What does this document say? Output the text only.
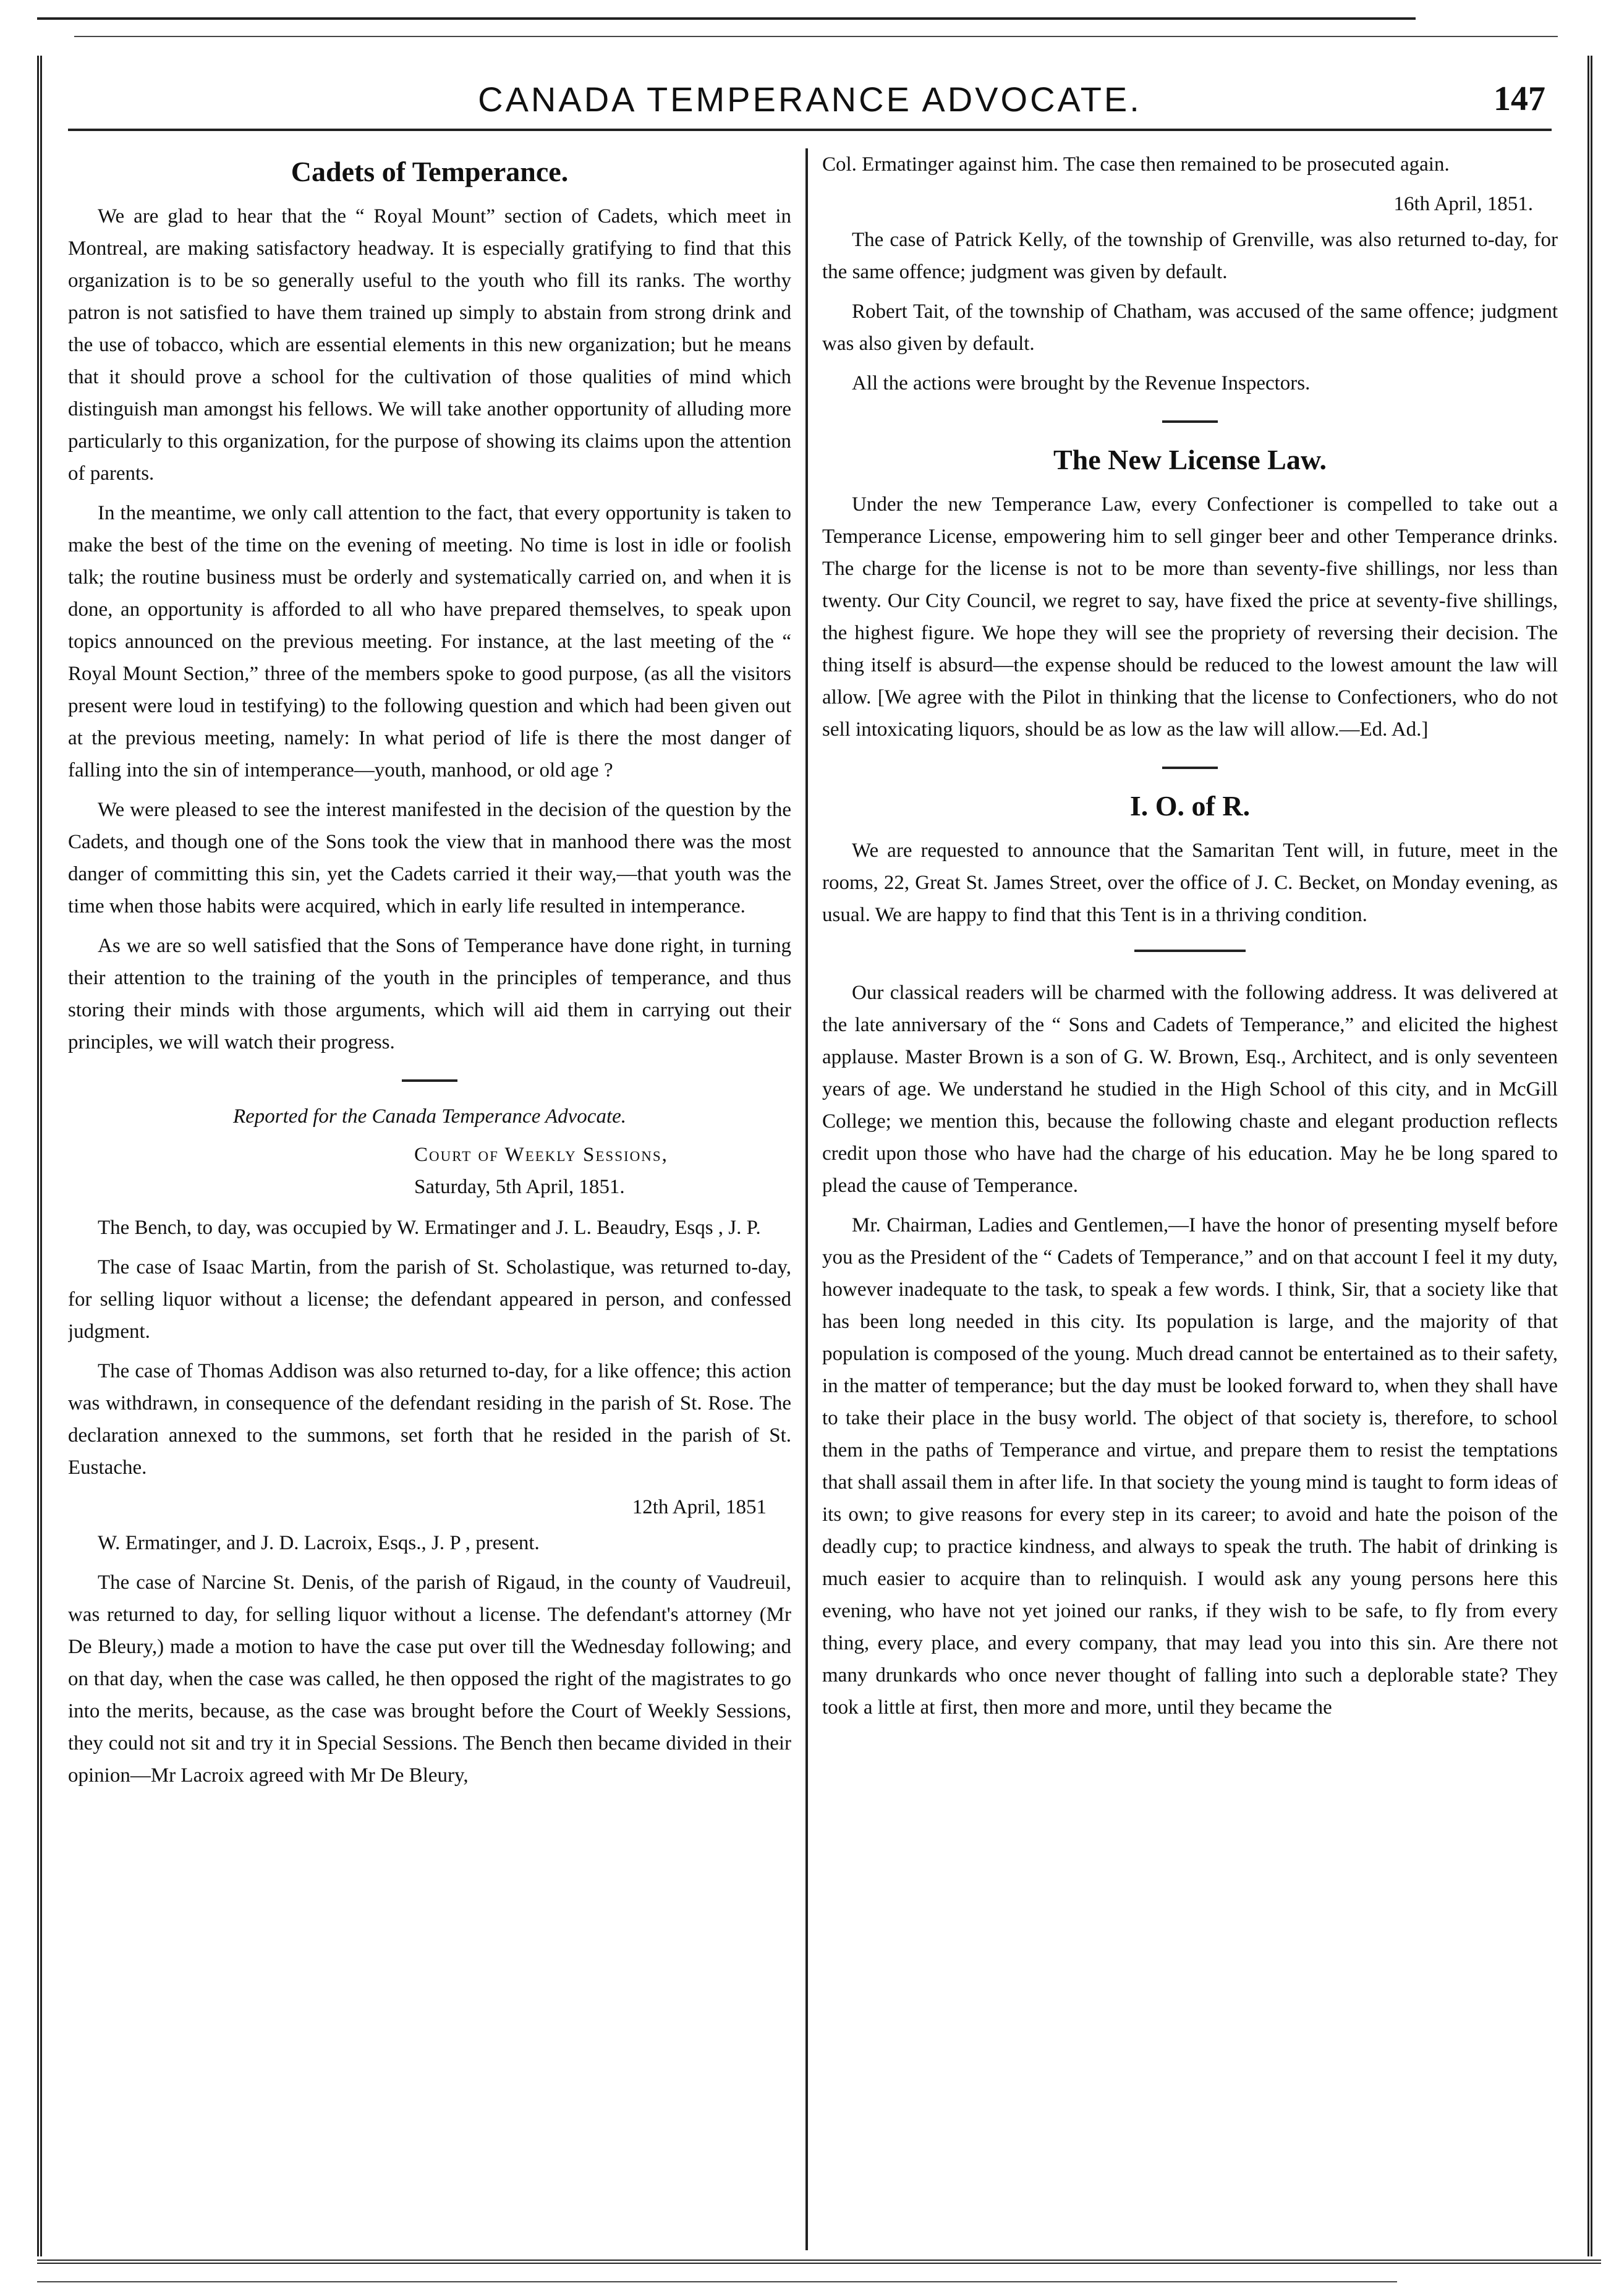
CANADA TEMPERANCE ADVOCATE.	147
Cadets of Temperance.

We are glad to hear that the “ Royal Mount” section of Cadets, which meet in Montreal, are making satisfactory headway. It is especially gratifying to find that this organization is to be so generally useful to the youth who fill its ranks. The worthy patron is not satisfied to have them trained up simply to abstain from strong drink and the use of tobacco, which are essential elements in this new organization; but he means that it should prove a school for the cultivation of those qualities of mind which distinguish man amongst his fellows. We will take another opportunity of alluding more particularly to this organization, for the purpose of showing its claims upon the attention of parents.

In the meantime, we only call attention to the fact, that every opportunity is taken to make the best of the time on the evening of meeting. No time is lost in idle or foolish talk; the routine business must be orderly and systematically carried on, and when it is done, an opportunity is afforded to all who have prepared themselves, to speak upon topics announced on the previous meeting. For instance, at the last meeting of the “ Royal Mount Section,” three of the members spoke to good purpose, (as all the visitors present were loud in testifying) to the following question and which had been given out at the previous meeting, namely: In what period of life is there the most danger of falling into the sin of intemperance—youth, manhood, or old age ?

We were pleased to see the interest manifested in the decision of the question by the Cadets, and though one of the Sons took the view that in manhood there was the most danger of committing this sin, yet the Cadets carried it their way,—that youth was the time when those habits were acquired, which in early life resulted in intemperance.

As we are so well satisfied that the Sons of Temperance have done right, in turning their attention to the training of the youth in the principles of temperance, and thus storing their minds with those arguments, which will aid them in carrying out their principles, we will watch their progress.

Reported for the Canada Temperance Advocate.

Court of Weekly Sessions,
Saturday, 5th April, 1851.

The Bench, to day, was occupied by W. Ermatinger and J. L. Beaudry, Esqs , J. P.

The case of Isaac Martin, from the parish of St. Scholastique, was returned to-day, for selling liquor without a license; the defendant appeared in person, and confessed judgment.

The case of Thomas Addison was also returned to-day, for a like offence; this action was withdrawn, in consequence of the defendant residing in the parish of St. Rose. The declaration annexed to the summons, set forth that he resided in the parish of St. Eustache.

12th April, 1851

W. Ermatinger, and J. D. Lacroix, Esqs., J. P , present.

The case of Narcine St. Denis, of the parish of Rigaud, in the county of Vaudreuil, was returned to day, for selling liquor without a license. The defendant's attorney (Mr De Bleury,) made a motion to have the case put over till the Wednesday following; and on that day, when the case was called, he then opposed the right of the magistrates to go into the merits, because, as the case was brought before the Court of Weekly Sessions, they could not sit and try it in Special Sessions. The Bench then became divided in their opinion—Mr Lacroix agreed with Mr De Bleury,

Col. Ermatinger against him. The case then remained to be prosecuted again.

16th April, 1851.

The case of Patrick Kelly, of the township of Grenville, was also returned to-day, for the same offence; judgment was given by default.

Robert Tait, of the township of Chatham, was accused of the same offence; judgment was also given by default.

All the actions were brought by the Revenue Inspectors.

The New License Law.

Under the new Temperance Law, every Confectioner is compelled to take out a Temperance License, empowering him to sell ginger beer and other Temperance drinks. The charge for the license is not to be more than seventy-five shillings, nor less than twenty. Our City Council, we regret to say, have fixed the price at seventy-five shillings, the highest figure. We hope they will see the propriety of reversing their decision. The thing itself is absurd—the expense should be reduced to the lowest amount the law will allow. [We agree with the Pilot in thinking that the license to Confectioners, who do not sell intoxicating liquors, should be as low as the law will allow.—Ed. Ad.]

I. O. of R.

We are requested to announce that the Samaritan Tent will, in future, meet in the rooms, 22, Great St. James Street, over the office of J. C. Becket, on Monday evening, as usual. We are happy to find that this Tent is in a thriving condition.

Our classical readers will be charmed with the following address. It was delivered at the late anniversary of the “ Sons and Cadets of Temperance,” and elicited the highest applause. Master Brown is a son of G. W. Brown, Esq., Architect, and is only seventeen years of age. We understand he studied in the High School of this city, and in McGill College; we mention this, because the following chaste and elegant production reflects credit upon those who have had the charge of his education. May he be long spared to plead the cause of Temperance.

Mr. Chairman, Ladies and Gentlemen,—I have the honor of presenting myself before you as the President of the “ Cadets of Temperance,” and on that account I feel it my duty, however inadequate to the task, to speak a few words. I think, Sir, that a society like that has been long needed in this city. Its population is large, and the majority of that population is composed of the young. Much dread cannot be entertained as to their safety, in the matter of temperance; but the day must be looked forward to, when they shall have to take their place in the busy world. The object of that society is, therefore, to school them in the paths of Temperance and virtue, and prepare them to resist the temptations that shall assail them in after life. In that society the young mind is taught to form ideas of its own; to give reasons for every step in its career; to avoid and hate the poison of the deadly cup; to practice kindness, and always to speak the truth. The habit of drinking is much easier to acquire than to relinquish. I would ask any young persons here this evening, who have not yet joined our ranks, if they wish to be safe, to fly from every thing, every place, and every company, that may lead you into this sin. Are there not many drunkards who once never thought of falling into such a deplorable state? They took a little at first, then more and more, until they became the
